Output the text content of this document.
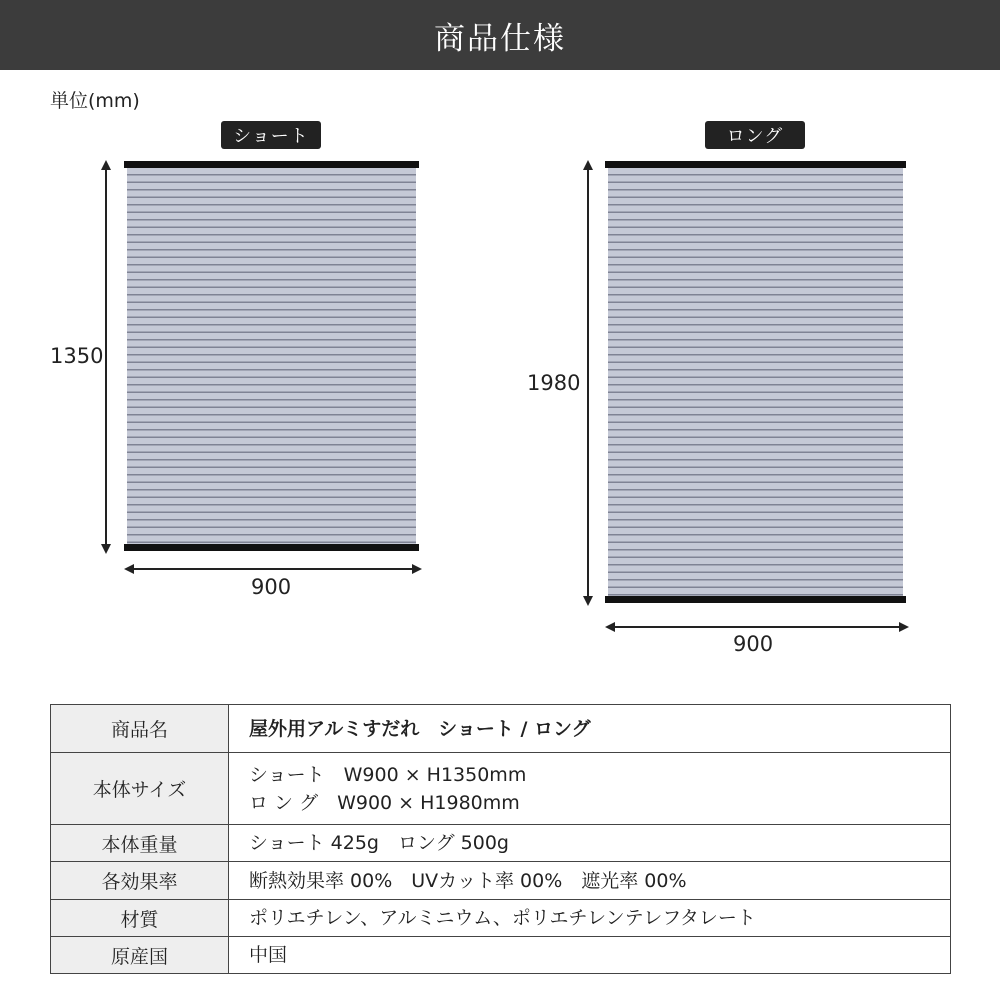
商品仕様
単位(mm)
ショート
1350
900
ロング
1980
900
商品名	屋外用アルミすだれ　ショート / ロング

本体サイズ	ショート　W900 × H1350mm
ロ ン グ　W900 × H1980mm

本体重量	ショート 425g　ロング 500g

各効果率	断熱効果率 00%　UVカット率 00%　遮光率 00%

材質	ポリエチレン、アルミニウム、ポリエチレンテレフタレート

原産国	中国
